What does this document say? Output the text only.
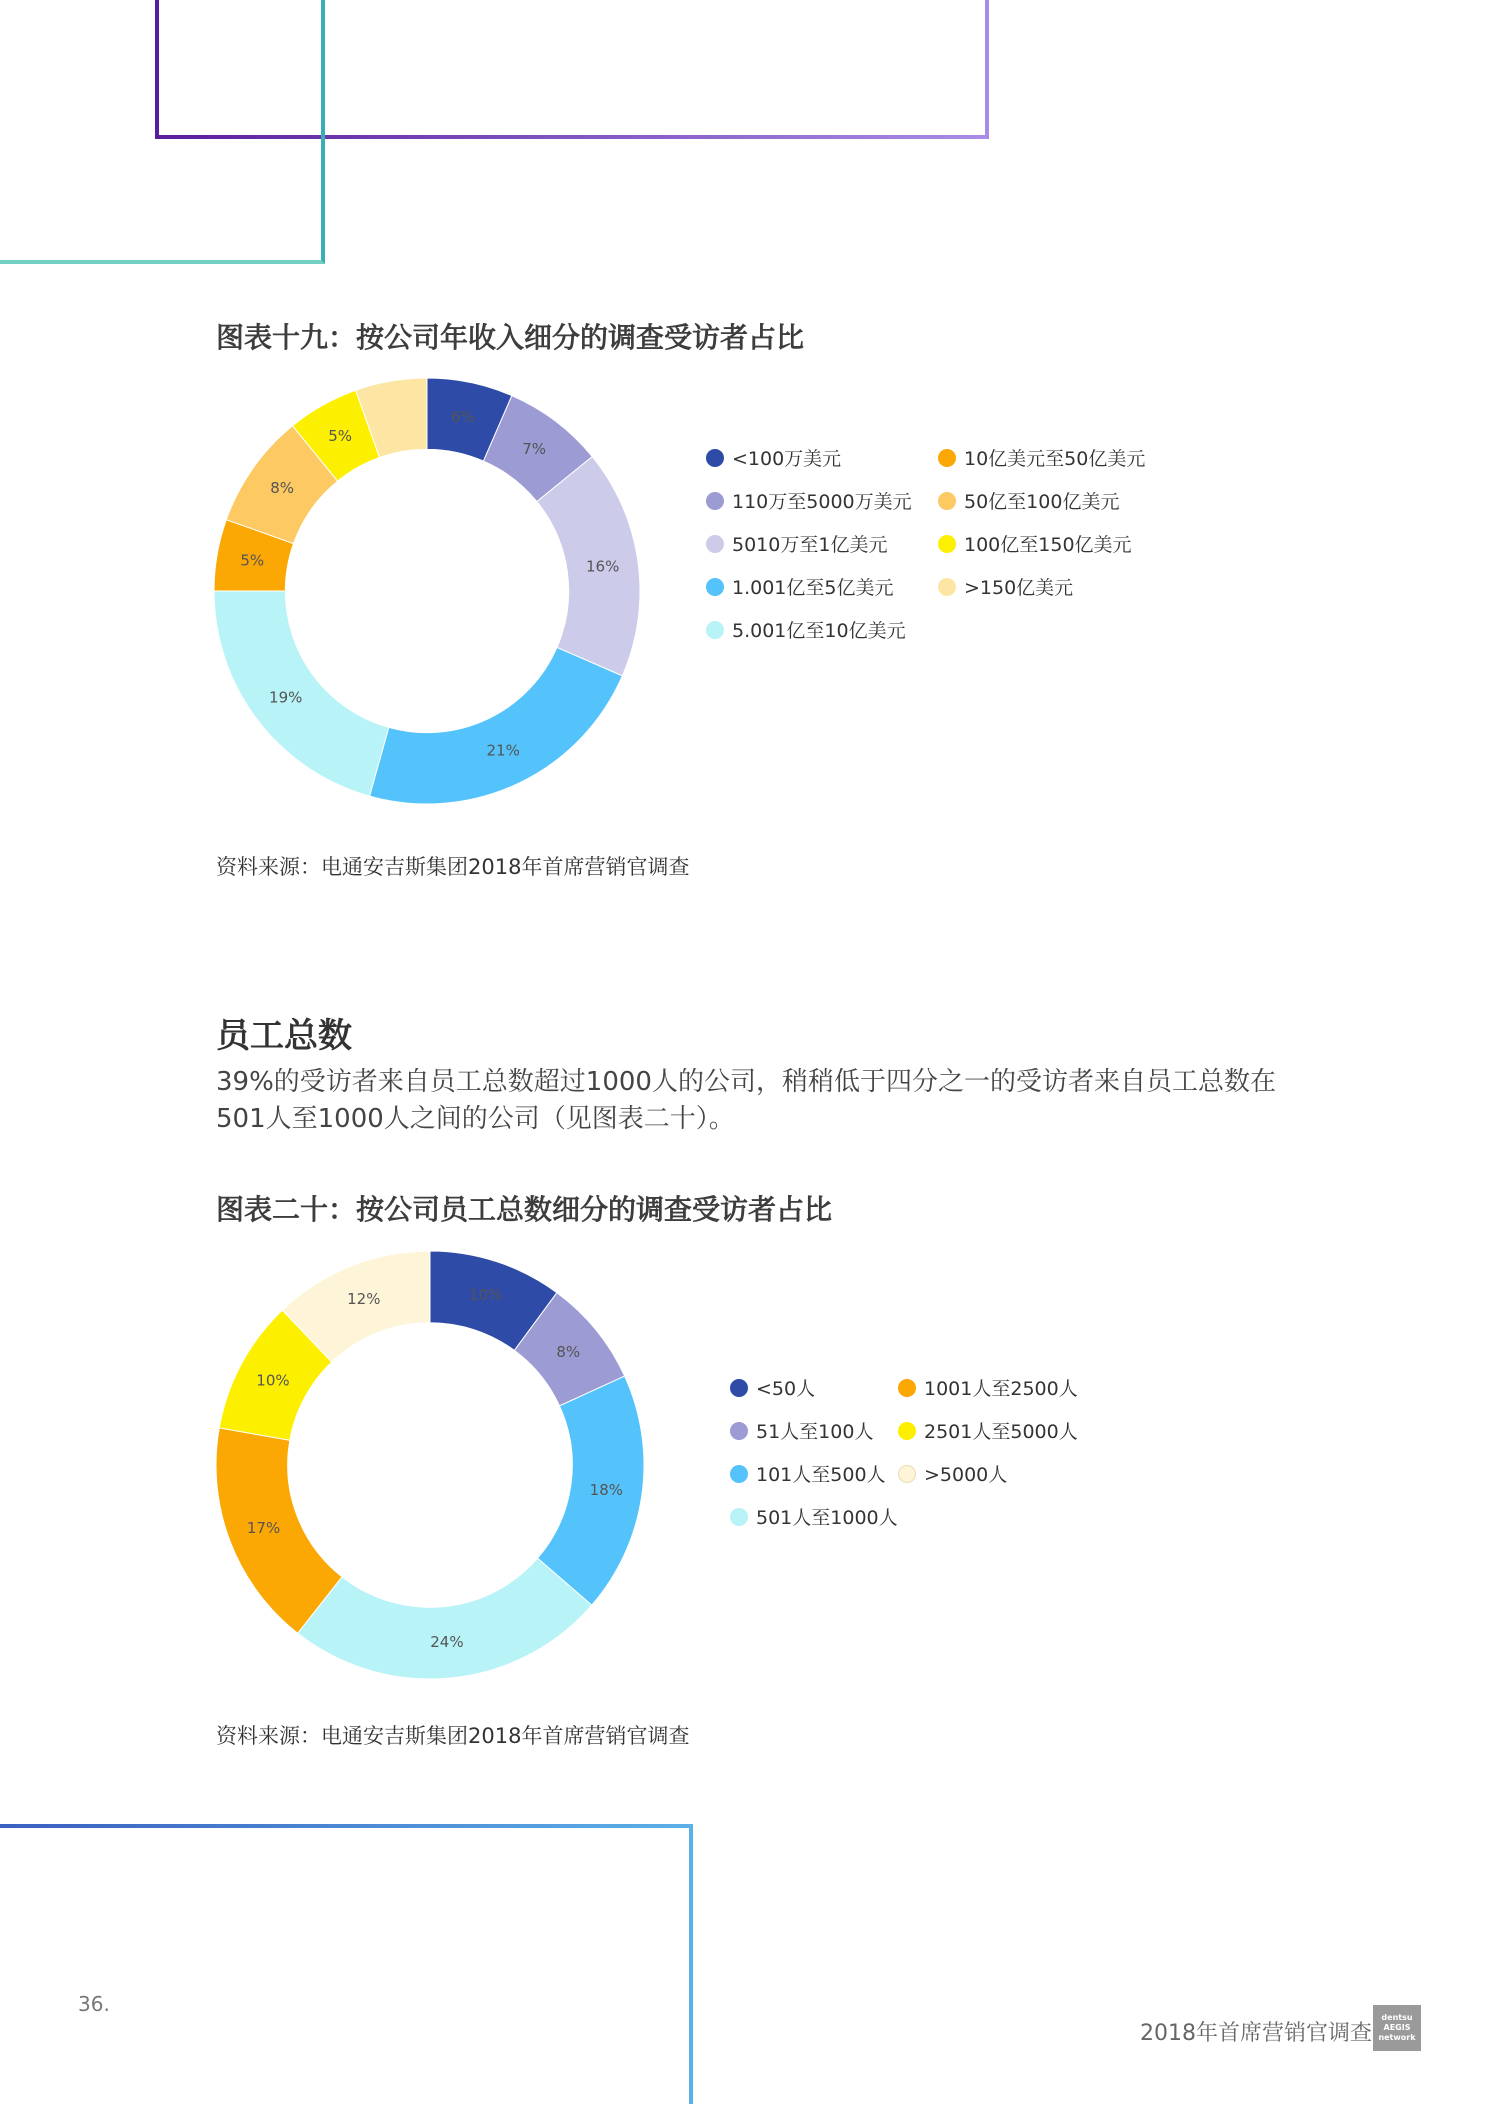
图表十九：按公司年收入细分的调查受访者占比
6%
7%
16%
21%
19%
5%
8%
5%
<100万美元	10亿美元至50亿美元
110万至5000万美元	50亿至100亿美元
5010万至1亿美元	100亿至150亿美元
1.001亿至5亿美元	>150亿美元
5.001亿至10亿美元

资料来源：电通安吉斯集团2018年首席营销官调查

员工总数

39%的受访者来自员工总数超过1000人的公司，稍稍低于四分之一的受访者来自员工总数在501人至1000人之间的公司（见图表二十）。

图表二十：按公司员工总数细分的调查受访者占比
10%
8%
18%
24%
17%
10%
12%
<50人	1001人至2500人
51人至100人	2501人至5000人
101人至500人 >5000人
501人至1000人

资料来源：电通安吉斯集团2018年首席营销官调查

36.
2018年首席营销官调查
dentsu
AEGIS
network
